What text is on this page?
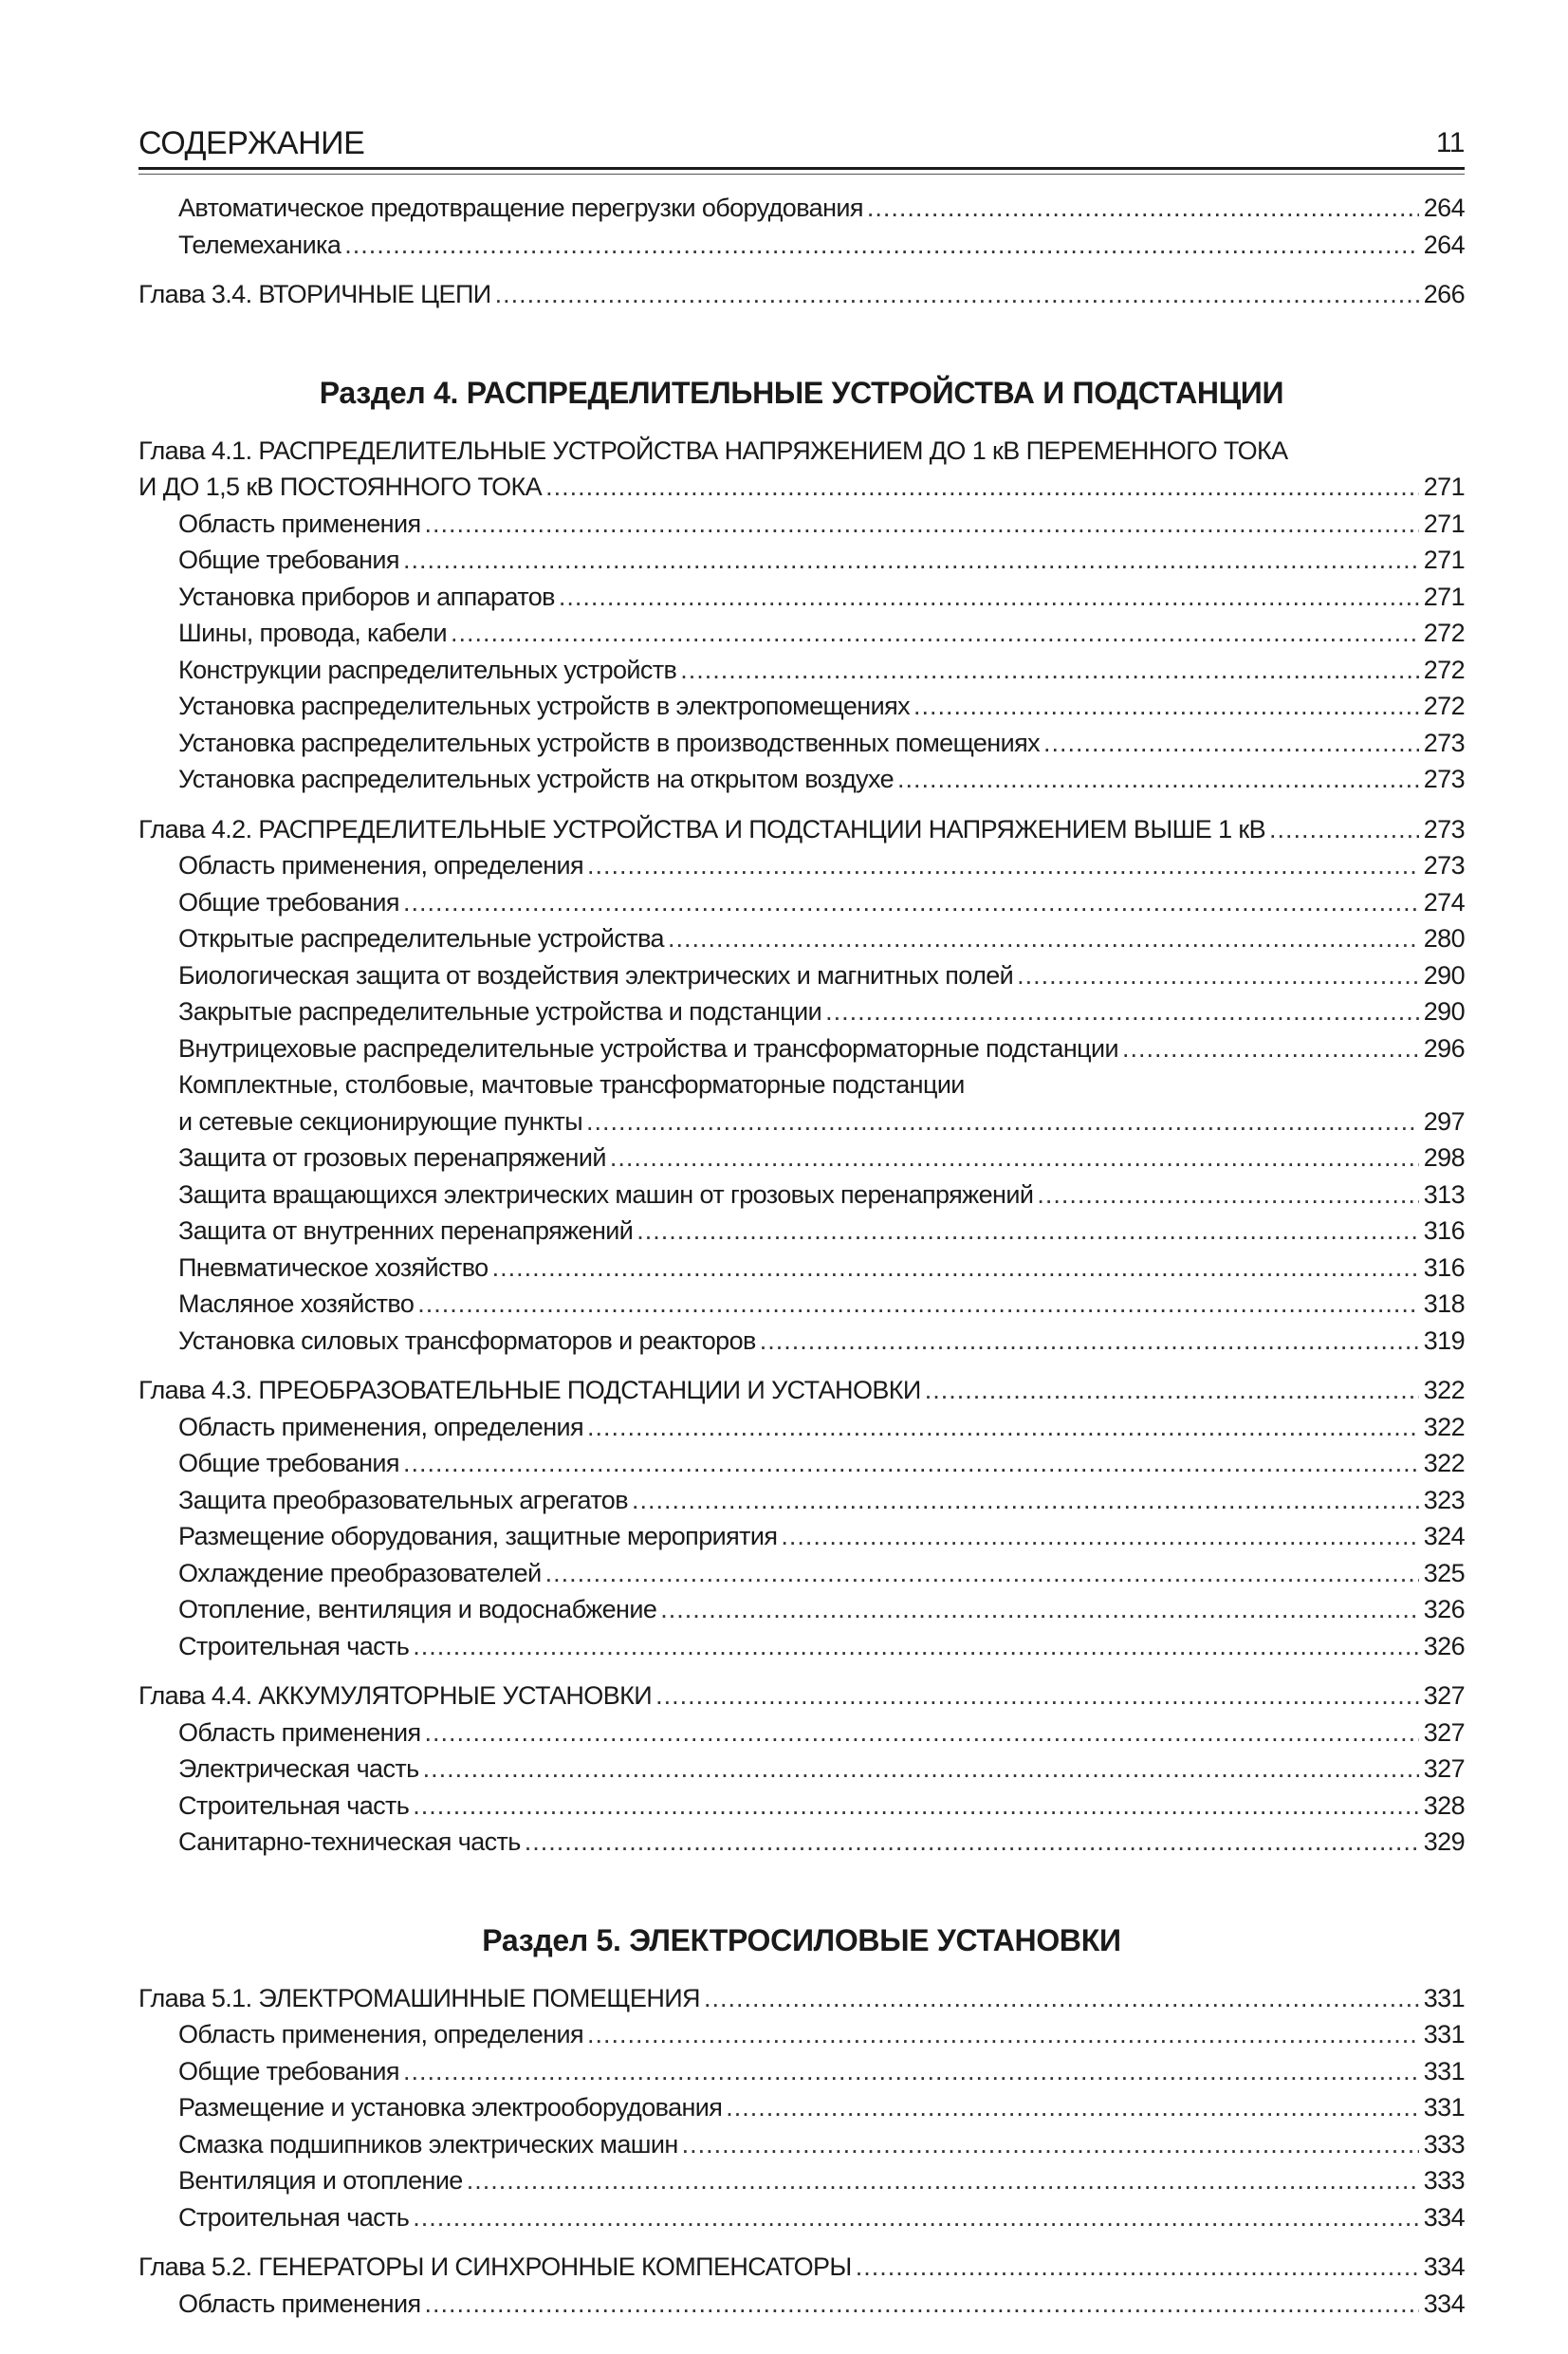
СОДЕРЖАНИЕ	11
Автоматическое предотвращение перегрузки оборудования .....	264
Телемеханика .....	264
Глава 3.4. ВТОРИЧНЫЕ ЦЕПИ .....	266
Раздел 4. РАСПРЕДЕЛИТЕЛЬНЫЕ УСТРОЙСТВА И ПОДСТАНЦИИ
Глава 4.1. РАСПРЕДЕЛИТЕЛЬНЫЕ УСТРОЙСТВА НАПРЯЖЕНИЕМ ДО 1 кВ ПЕРЕМЕННОГО ТОКА
И ДО 1,5 кВ ПОСТОЯННОГО ТОКА .....	271
Область применения .....	271
Общие требования .....	271
Установка приборов и аппаратов .....	271
Шины, провода, кабели .....	272
Конструкции распределительных устройств .....	272
Установка распределительных устройств в электропомещениях .....	272
Установка распределительных устройств в производственных помещениях .....	273
Установка распределительных устройств на открытом воздухе .....	273
Глава 4.2. РАСПРЕДЕЛИТЕЛЬНЫЕ УСТРОЙСТВА И ПОДСТАНЦИИ НАПРЯЖЕНИЕМ ВЫШЕ 1 кВ .....	273
Область применения, определения .....	273
Общие требования .....	274
Открытые распределительные устройства .....	280
Биологическая защита от воздействия электрических и магнитных полей .....	290
Закрытые распределительные устройства и подстанции .....	290
Внутрицеховые распределительные устройства и трансформаторные подстанции .....	296
Комплектные, столбовые, мачтовые трансформаторные подстанции
и сетевые секционирующие пункты .....	297
Защита от грозовых перенапряжений .....	298
Защита вращающихся электрических машин от грозовых перенапряжений .....	313
Защита от внутренних перенапряжений .....	316
Пневматическое хозяйство .....	316
Масляное хозяйство .....	318
Установка силовых трансформаторов и реакторов .....	319
Глава 4.3. ПРЕОБРАЗОВАТЕЛЬНЫЕ ПОДСТАНЦИИ И УСТАНОВКИ .....	322
Область применения, определения .....	322
Общие требования .....	322
Защита преобразовательных агрегатов .....	323
Размещение оборудования, защитные мероприятия .....	324
Охлаждение преобразователей .....	325
Отопление, вентиляция и водоснабжение .....	326
Строительная часть .....	326
Глава 4.4. АККУМУЛЯТОРНЫЕ УСТАНОВКИ .....	327
Область применения .....	327
Электрическая часть .....	327
Строительная часть .....	328
Санитарно-техническая часть .....	329
Раздел 5. ЭЛЕКТРОСИЛОВЫЕ УСТАНОВКИ
Глава 5.1. ЭЛЕКТРОМАШИННЫЕ ПОМЕЩЕНИЯ .....	331
Область применения, определения .....	331
Общие требования .....	331
Размещение и установка электрооборудования .....	331
Смазка подшипников электрических машин .....	333
Вентиляция и отопление .....	333
Строительная часть .....	334
Глава 5.2. ГЕНЕРАТОРЫ И СИНХРОННЫЕ КОМПЕНСАТОРЫ .....	334
Область применения .....	334
